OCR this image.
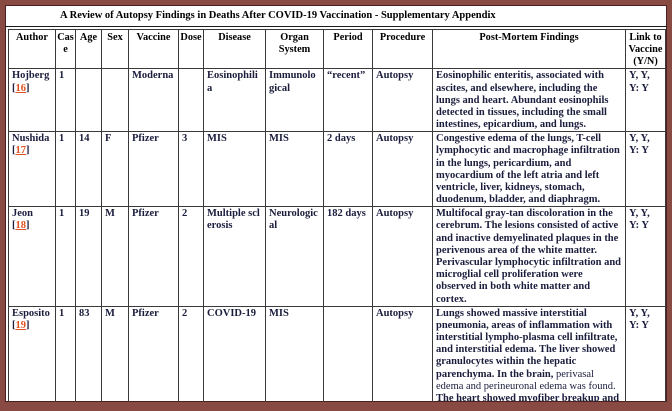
A Review of Autopsy Findings in Deaths After COVID-19 Vaccination - Supplementary Appendix
Author	Case	Age	Sex	Vaccine	Dose	Disease	Organ System	Period	Procedure	Post-Mortem Findings	Link to Vaccine (Y/N)
Hojberg [16]	1			Moderna		Eosinophilia	Immunological	“recent”	Autopsy	Eosinophilic enteritis, associated with ascites, and elsewhere, including the lungs and heart. Abundant eosinophils detected in tissues, including the small intestines, epicardium, and lungs.	Y, Y, Y: Y
Nushida [17]	1	14	F	Pfizer	3	MIS	MIS	2 days	Autopsy	Congestive edema of the lungs, T-cell lymphocytic and macrophage infiltration in the lungs, pericardium, and myocardium of the left atria and left ventricle, liver, kidneys, stomach, duodenum, bladder, and diaphragm.	Y, Y, Y: Y
Jeon [18]	1	19	M	Pfizer	2	Multiple sclerosis	Neurological	182 days	Autopsy	Multifocal gray-tan discoloration in the cerebrum. The lesions consisted of active and inactive demyelinated plaques in the perivenous area of the white matter. Perivascular lymphocytic infiltration and microglial cell proliferation were observed in both white matter and cortex.	Y, Y, Y: Y
Esposito [19]	1	83	M	Pfizer	2	COVID-19	MIS		Autopsy	Lungs showed massive interstitial pneumonia, areas of inflammation with interstitial lympho-plasma cell infiltrate, and interstitial edema. The liver showed granulocytes within the hepatic parenchyma. In the brain, perivasal edema and perineuronal edema was found. The heart showed myofiber breakup and colliquative myocytolysis.	Y, Y, Y: Y
